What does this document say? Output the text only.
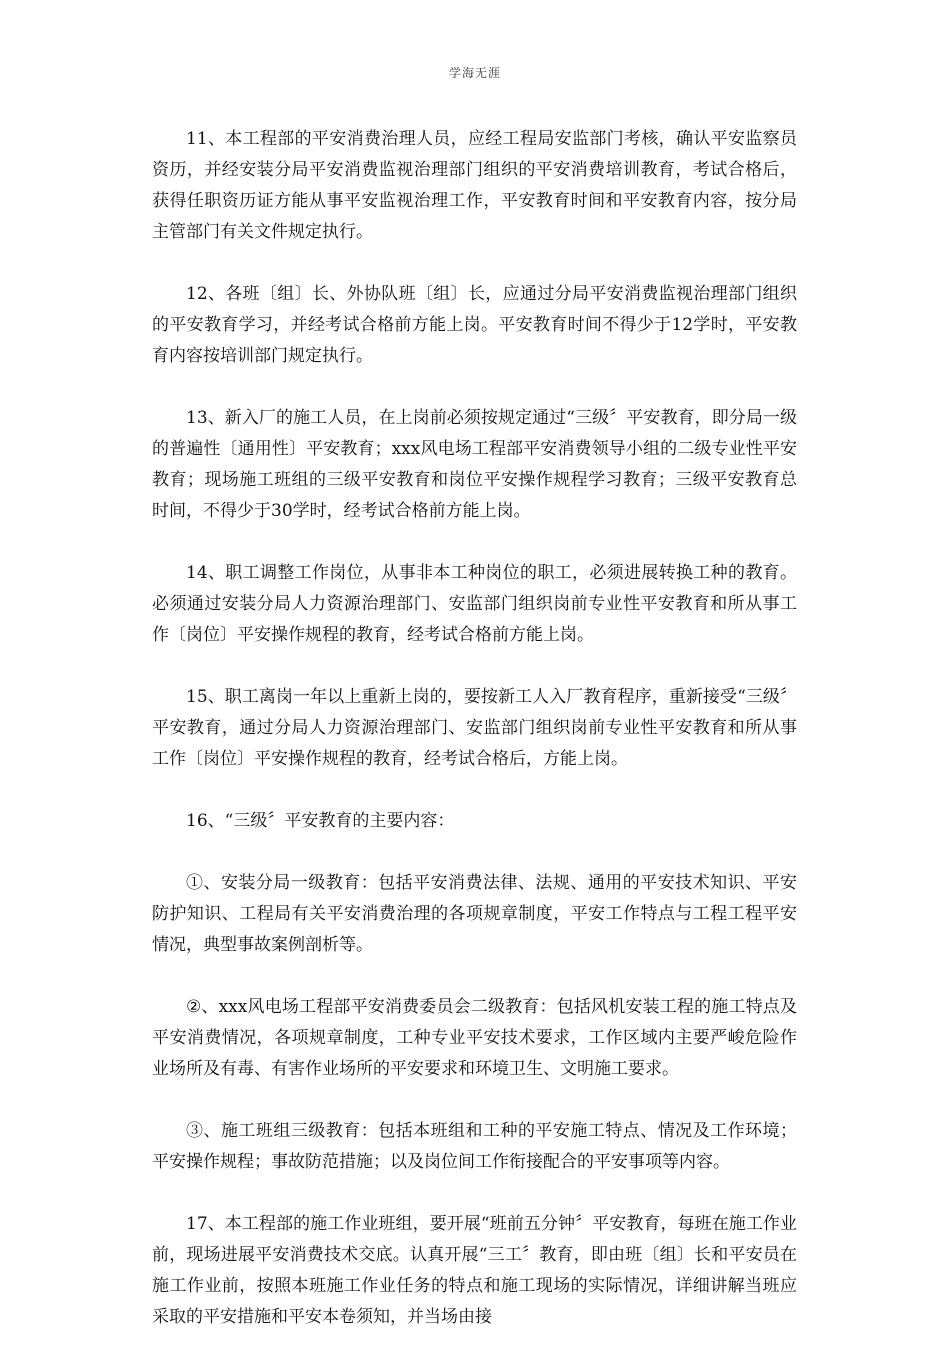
学海无涯

11、本工程部的平安消费治理人员，应经工程局安监部门考核，确认平安监察员资历，并经安装分局平安消费监视治理部门组织的平安消费培训教育，考试合格后，获得任职资历证方能从事平安监视治理工作，平安教育时间和平安教育内容，按分局主管部门有关文件规定执行。

12、各班〔组〕长、外协队班〔组〕长，应通过分局平安消费监视治理部门组织的平安教育学习，并经考试合格前方能上岗。平安教育时间不得少于12学时，平安教育内容按培训部门规定执行。

13、新入厂的施工人员，在上岗前必须按规定通过“三级〞平安教育，即分局一级的普遍性〔通用性〕平安教育；xxx风电场工程部平安消费领导小组的二级专业性平安教育；现场施工班组的三级平安教育和岗位平安操作规程学习教育；三级平安教育总时间，不得少于30学时，经考试合格前方能上岗。

14、职工调整工作岗位，从事非本工种岗位的职工，必须进展转换工种的教育。必须通过安装分局人力资源治理部门、安监部门组织岗前专业性平安教育和所从事工作〔岗位〕平安操作规程的教育，经考试合格前方能上岗。

15、职工离岗一年以上重新上岗的，要按新工人入厂教育程序，重新接受“三级〞平安教育，通过分局人力资源治理部门、安监部门组织岗前专业性平安教育和所从事工作〔岗位〕平安操作规程的教育，经考试合格后，方能上岗。

16、“三级〞平安教育的主要内容：

①、安装分局一级教育：包括平安消费法律、法规、通用的平安技术知识、平安防护知识、工程局有关平安消费治理的各项规章制度，平安工作特点与工程工程平安情况，典型事故案例剖析等。

②、xxx风电场工程部平安消费委员会二级教育：包括风机安装工程的施工特点及平安消费情况，各项规章制度，工种专业平安技术要求，工作区域内主要严峻危险作业场所及有毒、有害作业场所的平安要求和环境卫生、文明施工要求。

③、施工班组三级教育：包括本班组和工种的平安施工特点、情况及工作环境；平安操作规程；事故防范措施；以及岗位间工作衔接配合的平安事项等内容。

17、本工程部的施工作业班组，要开展“班前五分钟〞平安教育，每班在施工作业前，现场进展平安消费技术交底。认真开展“三工〞教育，即由班〔组〕长和平安员在施工作业前，按照本班施工作业任务的特点和施工现场的实际情况，详细讲解当班应采取的平安措施和平安本卷须知，并当场由接
